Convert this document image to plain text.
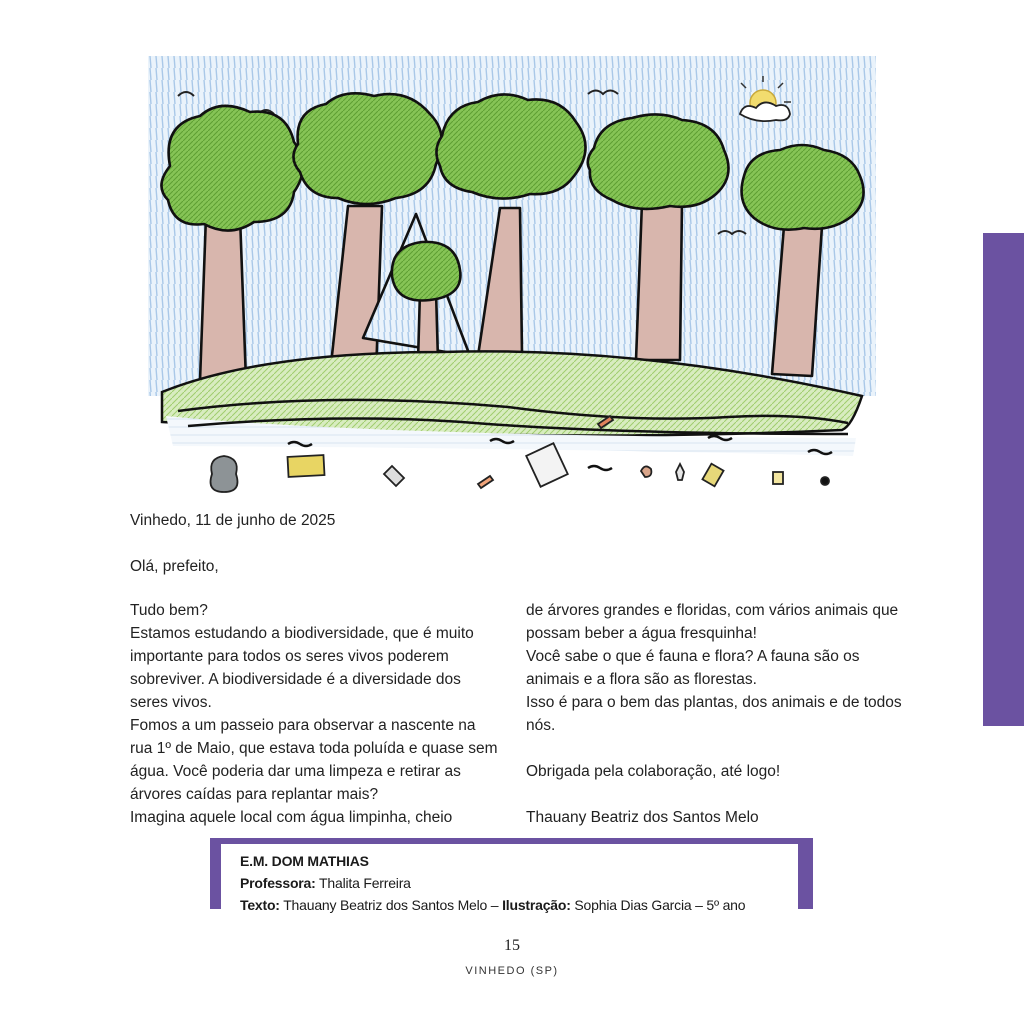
Vinhedo, 11 de junho de 2025
Olá, prefeito,

Tudo bem?

Estamos estudando a biodiversidade, que é muito importante para todos os seres vivos poderem sobreviver. A biodiversidade é a diversidade dos seres vivos.

Fomos a um passeio para observar a nascente na rua 1º de Maio, que estava toda poluída e quase sem água. Você poderia dar uma limpeza e retirar as árvores caídas para replantar mais?

Imagina aquele local com água limpinha, cheio

de árvores grandes e floridas, com vários animais que possam beber a água fresquinha!

Você sabe o que é fauna e flora? A fauna são os animais e a flora são as florestas.

Isso é para o bem das plantas, dos animais e de todos nós.

Obrigada pela colaboração, até logo!

Thauany Beatriz dos Santos Melo

E.M. DOM MATHIAS
Professora: Thalita Ferreira
Texto: Thauany Beatriz dos Santos Melo – Ilustração: Sophia Dias Garcia – 5º ano
15
VINHEDO (SP)
